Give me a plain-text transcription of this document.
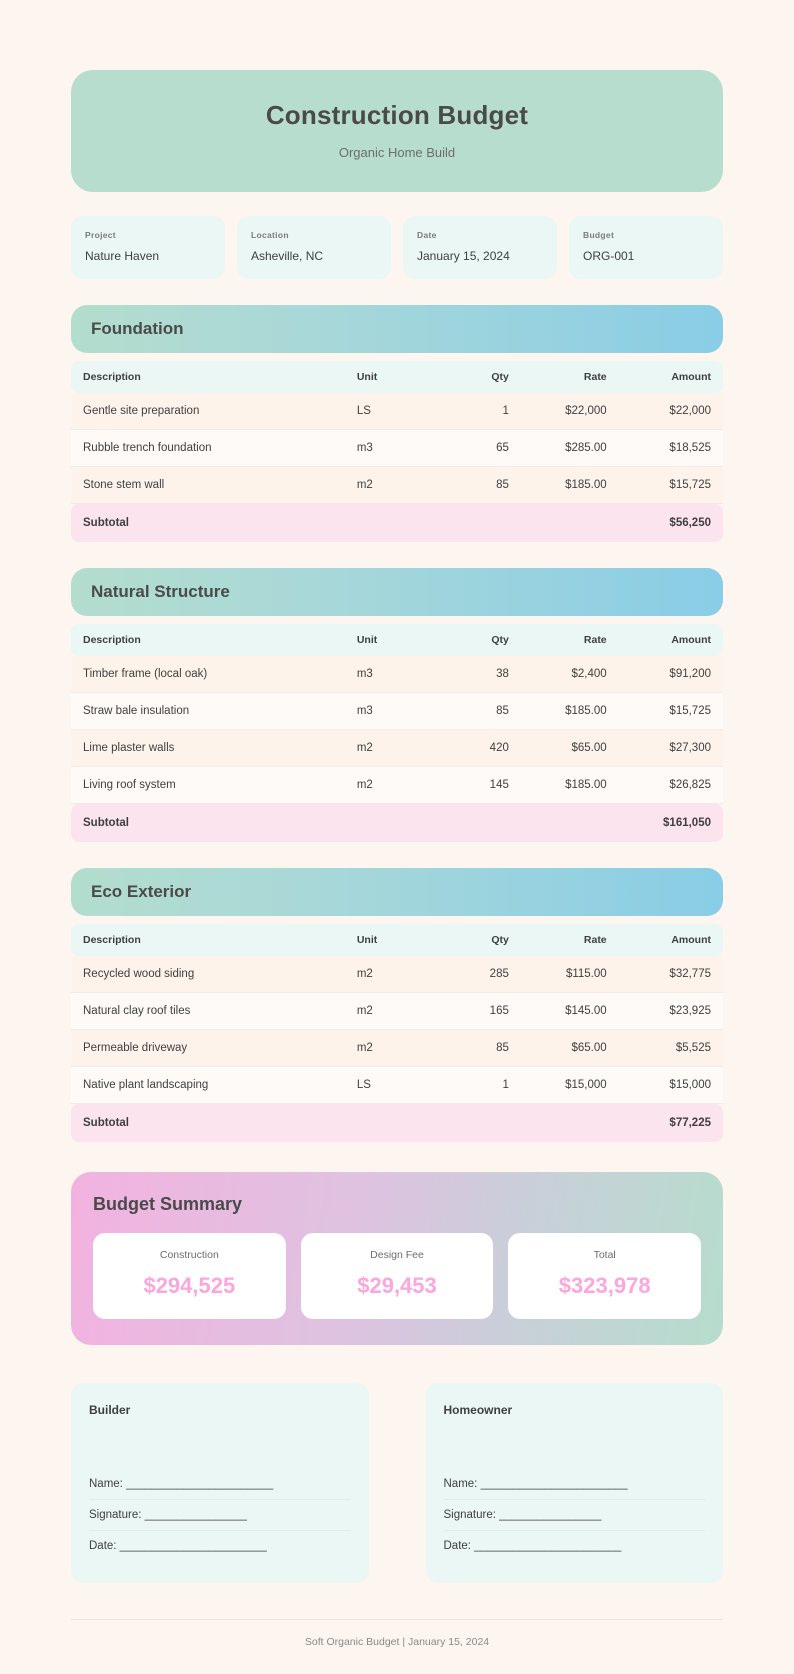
Construction Budget
Organic Home Build
Project
Nature Haven
Location
Asheville, NC
Date
January 15, 2024
Budget
ORG-001
Foundation
Description	Unit	Qty	Rate	Amount
Gentle site preparation	LS	1	$22,000	$22,000
Rubble trench foundation	m3	65	$285.00	$18,525
Stone stem wall	m2	85	$185.00	$15,725
Subtotal				$56,250
Natural Structure
Description	Unit	Qty	Rate	Amount
Timber frame (local oak)	m3	38	$2,400	$91,200
Straw bale insulation	m3	85	$185.00	$15,725
Lime plaster walls	m2	420	$65.00	$27,300
Living roof system	m2	145	$185.00	$26,825
Subtotal				$161,050
Eco Exterior
Description	Unit	Qty	Rate	Amount
Recycled wood siding	m2	285	$115.00	$32,775
Natural clay roof tiles	m2	165	$145.00	$23,925
Permeable driveway	m2	85	$65.00	$5,525
Native plant landscaping	LS	1	$15,000	$15,000
Subtotal				$77,225
Budget Summary
Construction
$294,525
Design Fee
$29,453
Total
$323,978
Builder
Name: _______________________
Signature: ________________
Date: _______________________
Homeowner
Name: _______________________
Signature: ________________
Date: _______________________
Soft Organic Budget | January 15, 2024
